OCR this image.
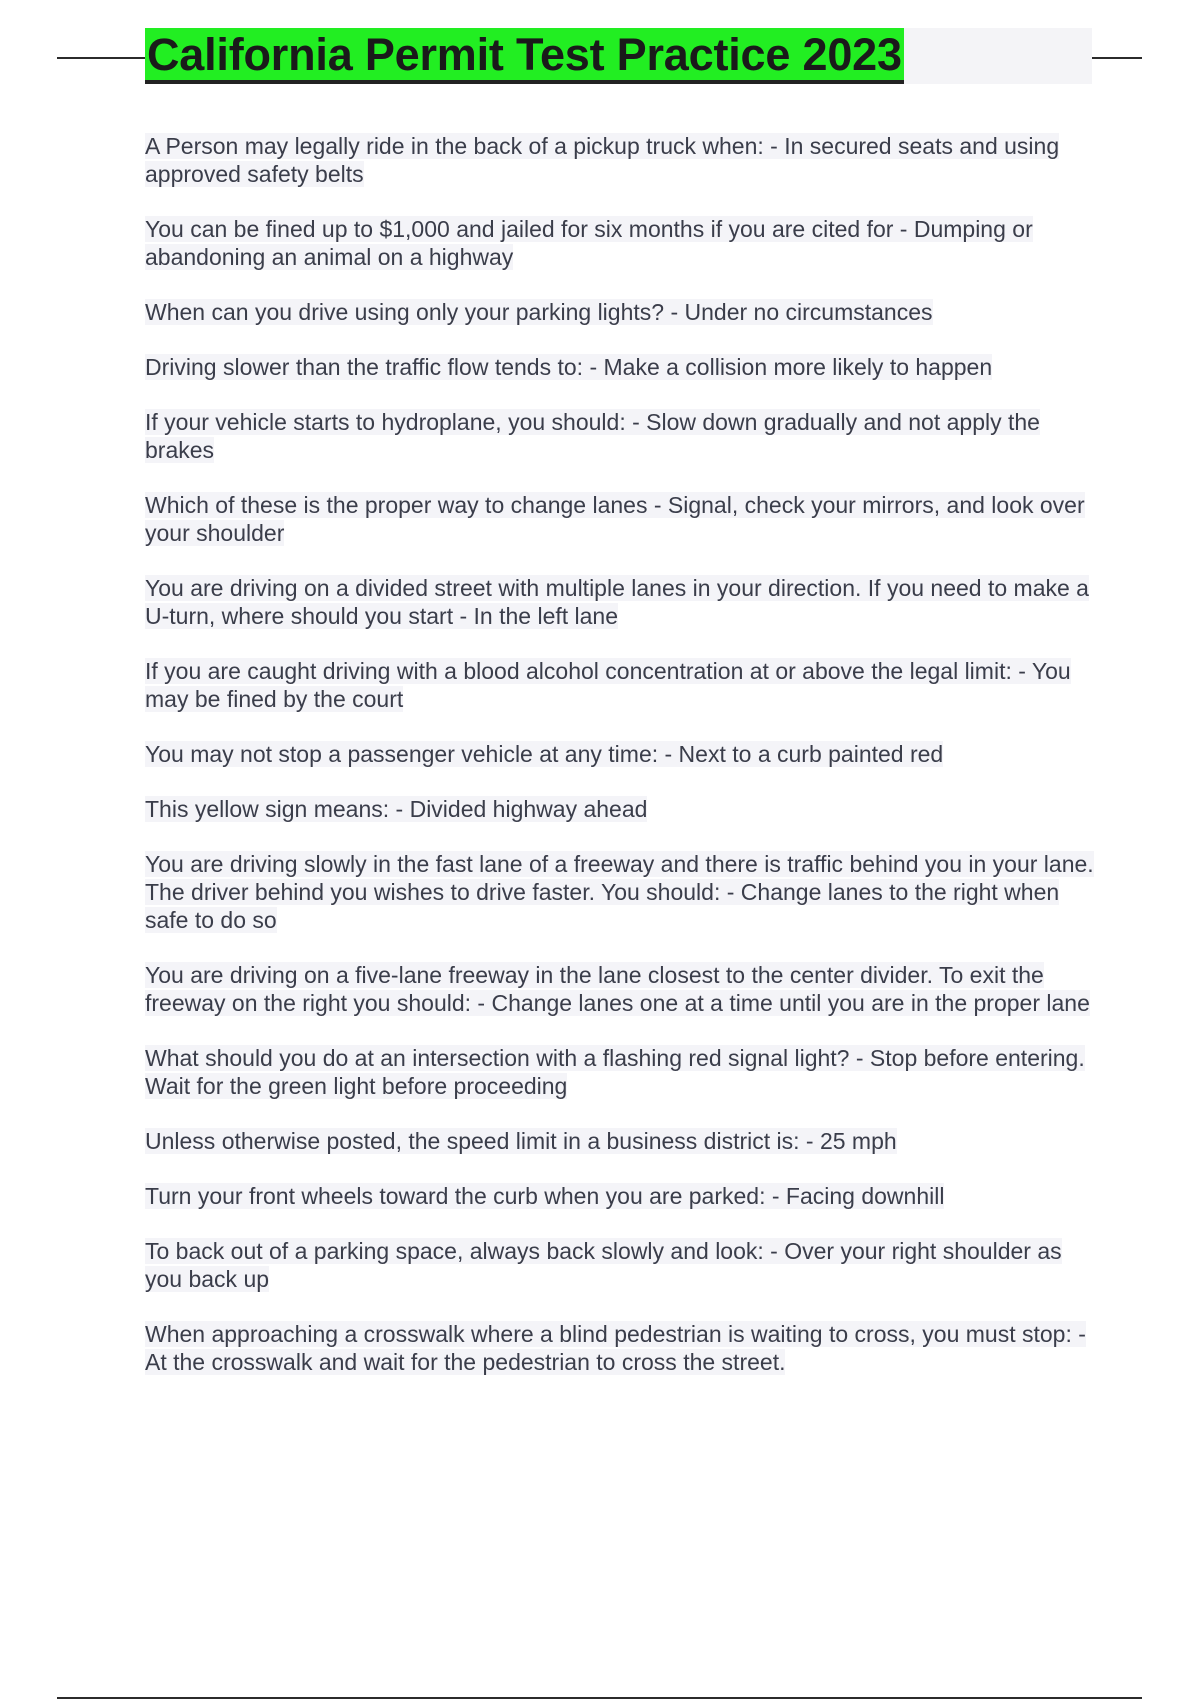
California Permit Test Practice 2023
A Person may legally ride in the back of a pickup truck when: - In secured seats and using approved safety belts
You can be fined up to $1,000 and jailed for six months if you are cited for - Dumping or abandoning an animal on a highway
When can you drive using only your parking lights? - Under no circumstances
Driving slower than the traffic flow tends to: - Make a collision more likely to happen
If your vehicle starts to hydroplane, you should: - Slow down gradually and not apply the brakes
Which of these is the proper way to change lanes - Signal, check your mirrors, and look over your shoulder
You are driving on a divided street with multiple lanes in your direction. If you need to make a U-turn, where should you start - In the left lane
If you are caught driving with a blood alcohol concentration at or above the legal limit: - You may be fined by the court
You may not stop a passenger vehicle at any time: - Next to a curb painted red
This yellow sign means: - Divided highway ahead
You are driving slowly in the fast lane of a freeway and there is traffic behind you in your lane. The driver behind you wishes to drive faster. You should: - Change lanes to the right when safe to do so
You are driving on a five-lane freeway in the lane closest to the center divider. To exit the freeway on the right you should: - Change lanes one at a time until you are in the proper lane
What should you do at an intersection with a flashing red signal light? - Stop before entering. Wait for the green light before proceeding
Unless otherwise posted, the speed limit in a business district is: - 25 mph
Turn your front wheels toward the curb when you are parked: - Facing downhill
To back out of a parking space, always back slowly and look: - Over your right shoulder as you back up
When approaching a crosswalk where a blind pedestrian is waiting to cross, you must stop: - At the crosswalk and wait for the pedestrian to cross the street.
